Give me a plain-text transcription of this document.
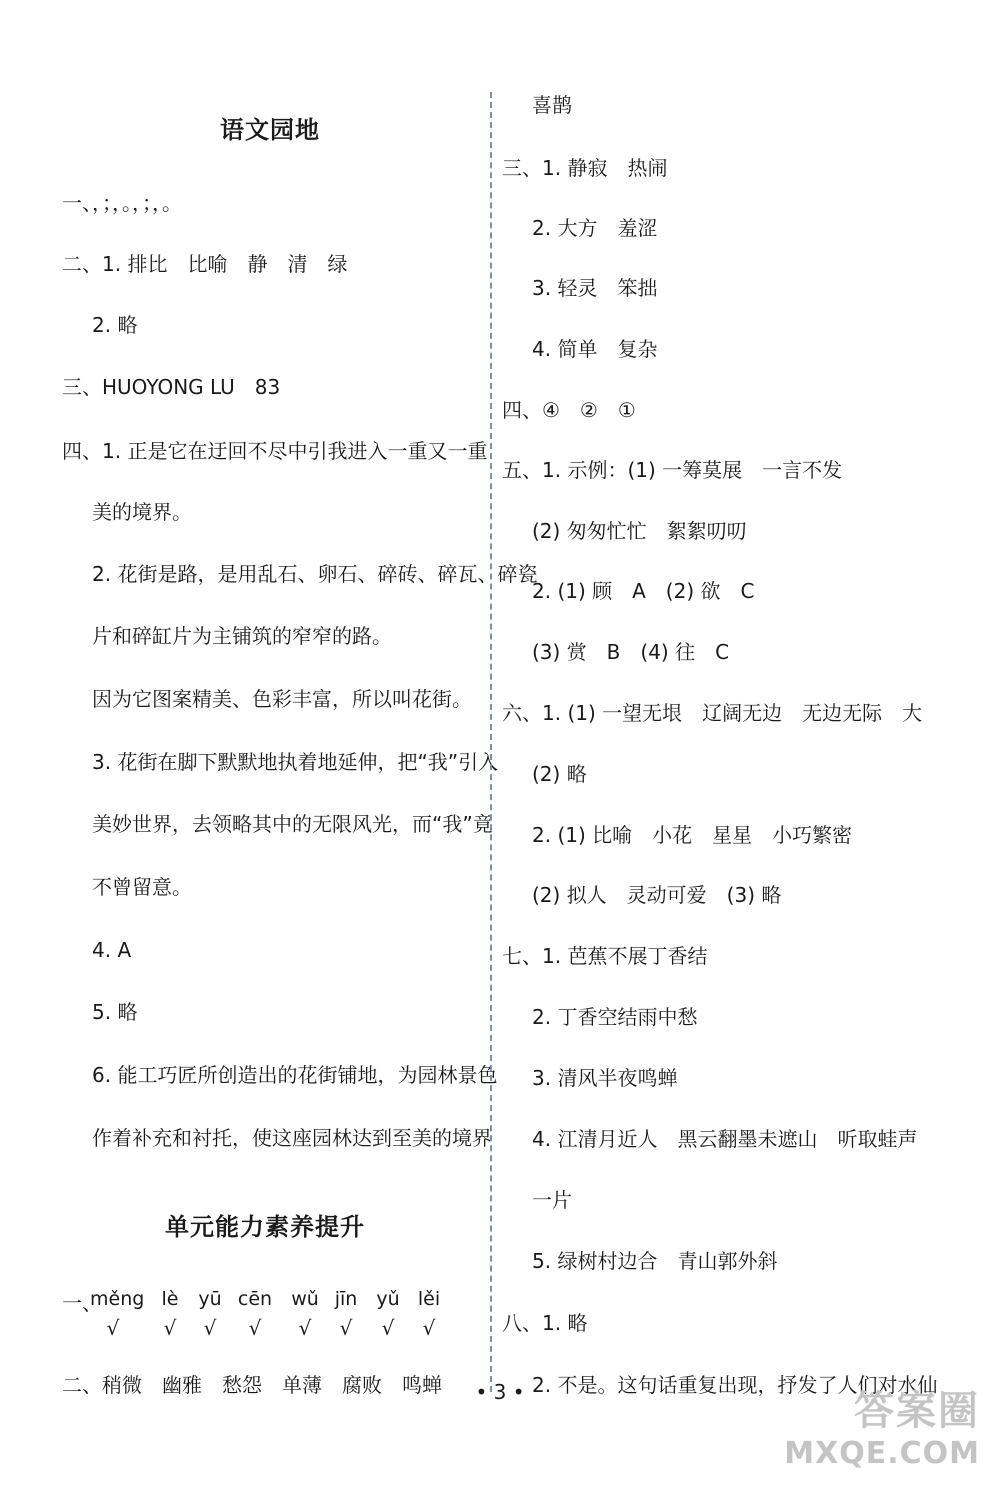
语文园地
一、，；，。，；，。
二、1. 排比　比喻　静　清　绿
2. 略
三、HUOYONG LU　83
四、1. 正是它在迂回不尽中引我进入一重又一重
美的境界。
2. 花街是路，是用乱石、卵石、碎砖、碎瓦、碎瓷
片和碎缸片为主铺筑的窄窄的路。
因为它图案精美、色彩丰富，所以叫花街。
3. 花街在脚下默默地执着地延伸，把“我”引入
美妙世界，去领略其中的无限风光，而“我”竟
不曾留意。
4. A
5. 略
6. 能工巧匠所创造出的花街铺地，为园林景色
作着补充和衬托，使这座园林达到至美的境界
单元能力素养提升
一、
měng lè	yū cēn	wǔ jīn	yǔ lěi
√	√	√	√	√	√	√	√
二、稍微　幽雅　愁怨　单薄　腐败　鸣蝉
喜鹊
三、1. 静寂　热闹
2. 大方　羞涩
3. 轻灵　笨拙
4. 简单　复杂
四、④　②　①
五、1. 示例：(1) 一筹莫展　一言不发
(2) 匆匆忙忙　絮絮叨叨
2. (1) 顾　A　(2) 欲　C
(3) 赏　B　(4) 往　C
六、1. (1) 一望无垠　辽阔无边　无边无际　大
(2) 略
2. (1) 比喻　小花　星星　小巧繁密
(2) 拟人　灵动可爱　(3) 略
七、1. 芭蕉不展丁香结
2. 丁香空结雨中愁
3. 清风半夜鸣蝉
4. 江清月近人　黑云翻墨未遮山　听取蛙声
一片
5. 绿树村边合　青山郭外斜
八、1. 略
2. 不是。这句话重复出现，抒发了人们对水仙
• 3 •	答案圈
MXQE.COM
